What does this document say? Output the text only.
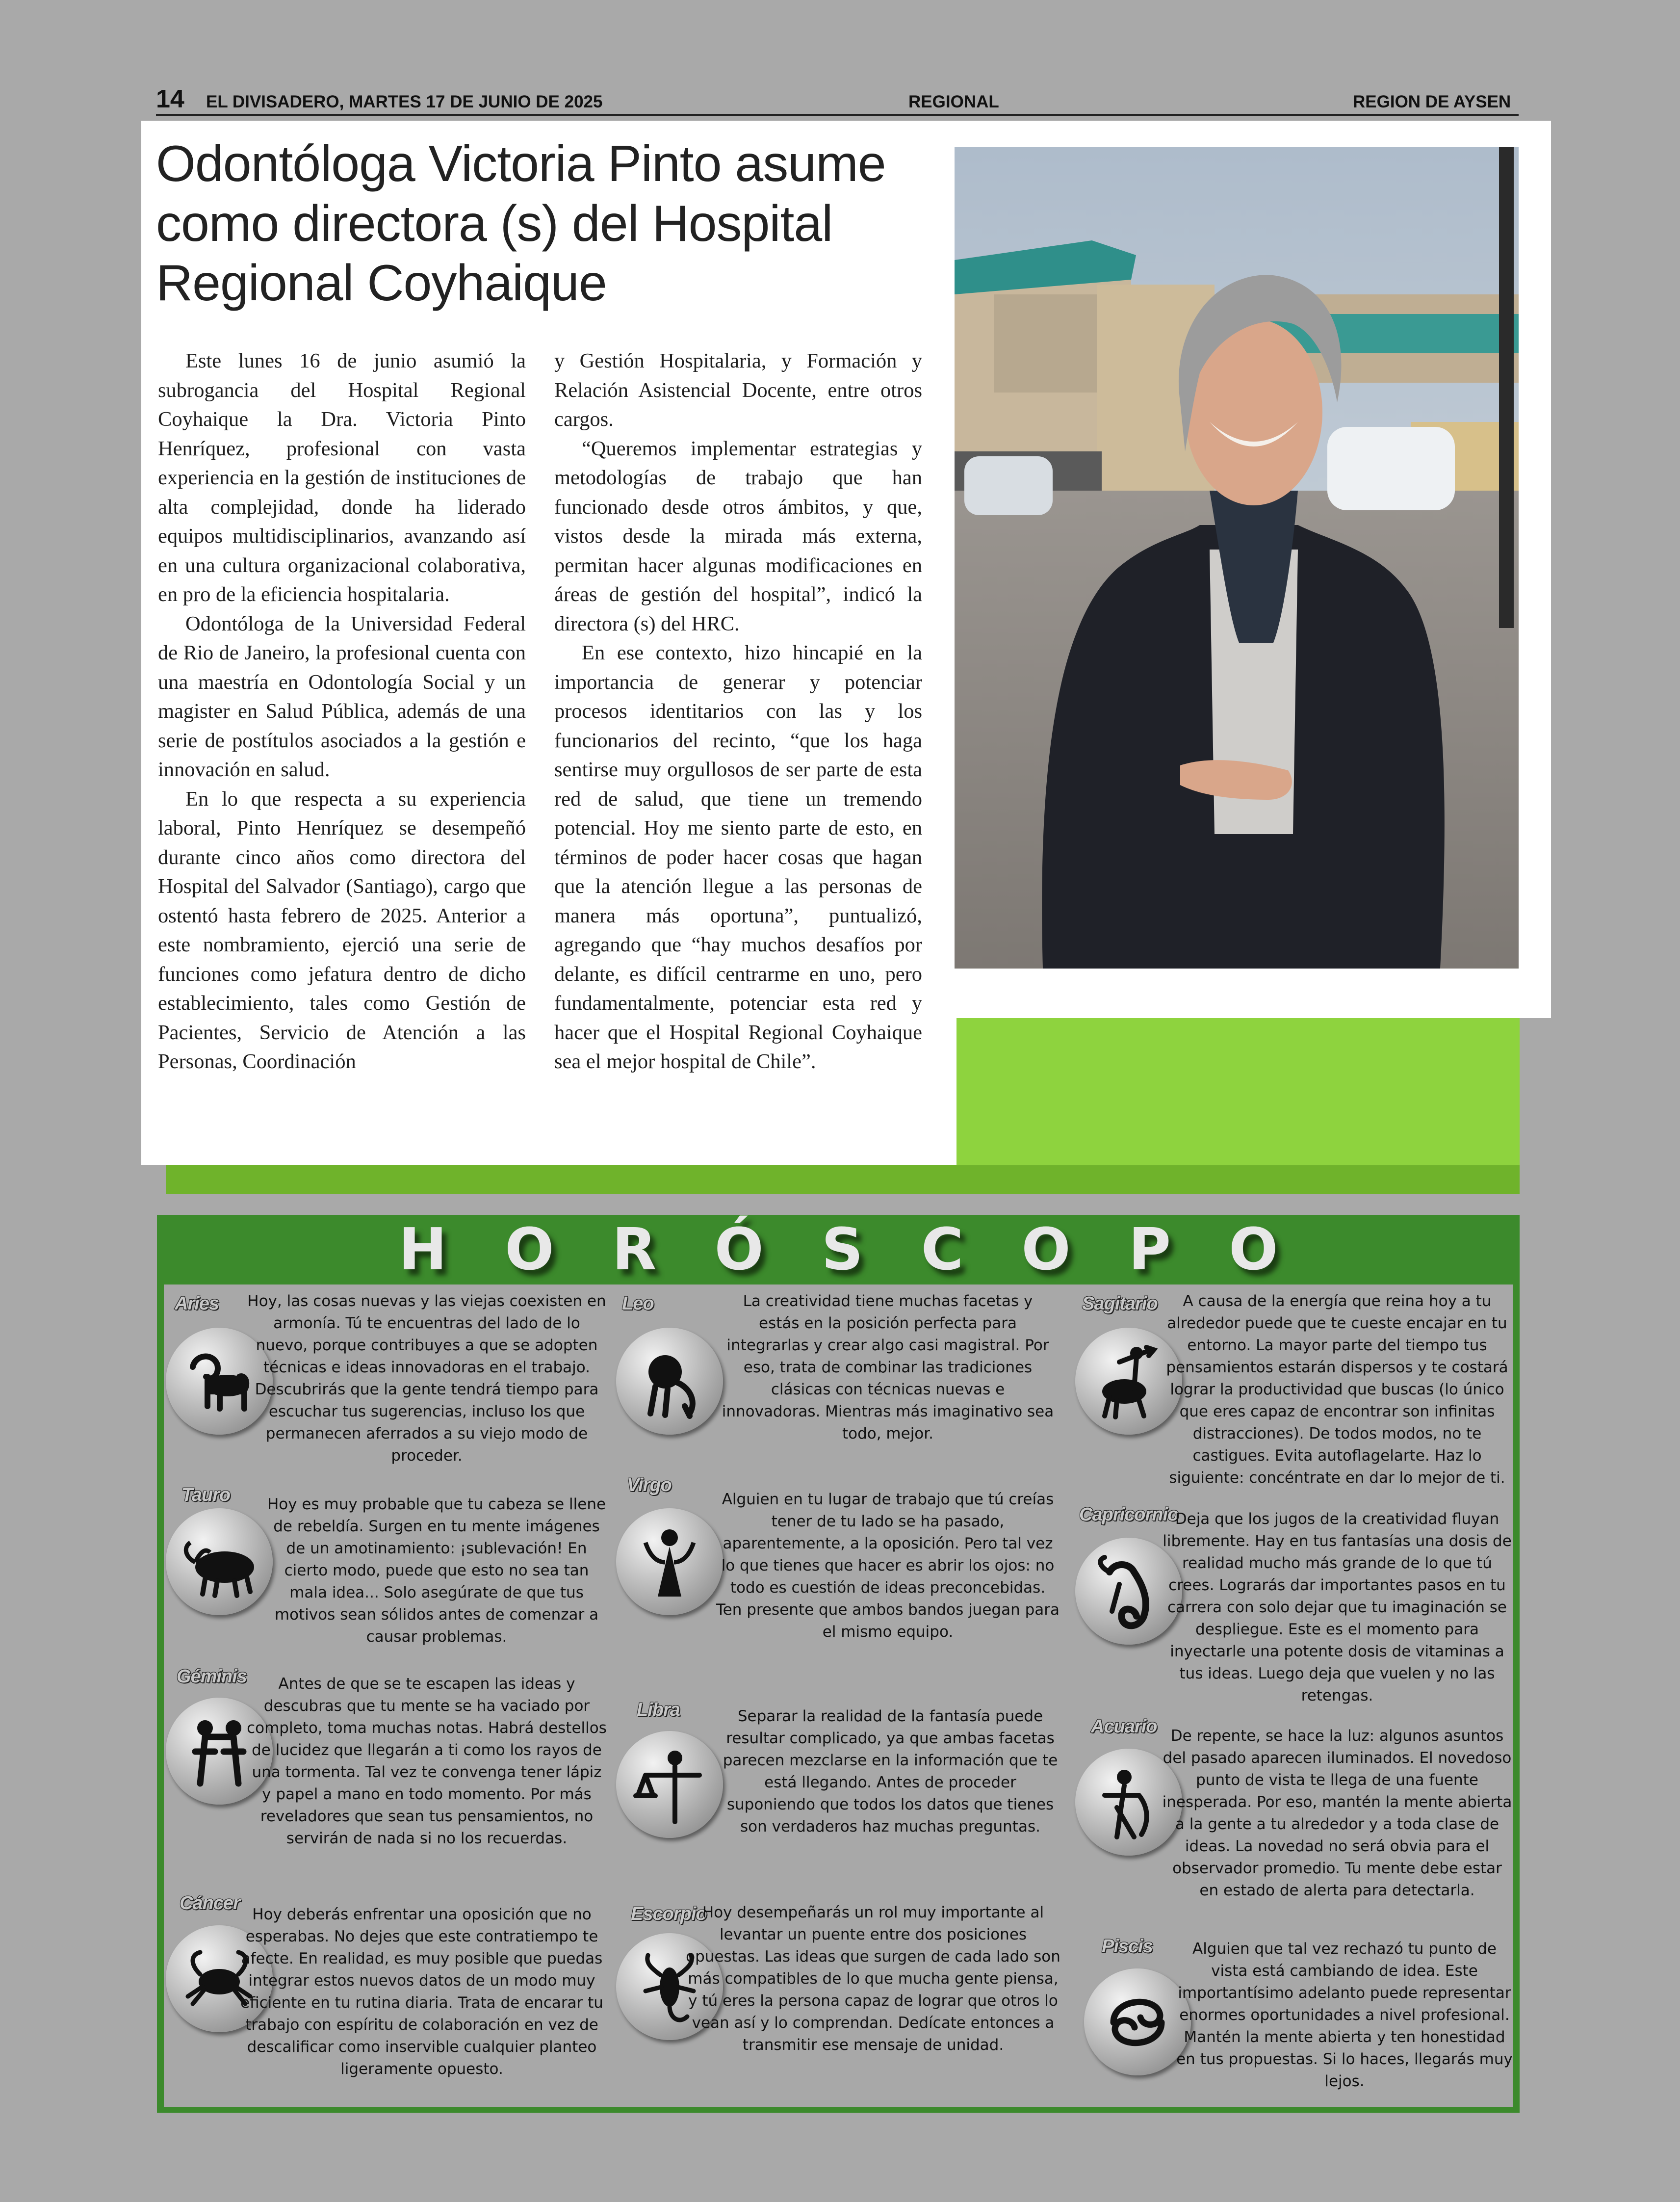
14 EL DIVISADERO, MARTES 17 DE JUNIO DE 2025	REGIONAL	REGION DE AYSEN
Odontóloga Victoria Pinto asume como directora (s) del Hospital Regional Coyhaique

Este lunes 16 de junio asumió la subrogancia del Hospital Regional Coyhaique la Dra. Victoria Pinto Henríquez, profesional con vasta experiencia en la gestión de instituciones de alta complejidad, donde ha liderado equipos multidisciplinarios, avanzando así en una cultura organizacional colaborativa, en pro de la eficiencia hospitalaria.

Odontóloga de la Universidad Federal de Rio de Janeiro, la profesional cuenta con una maestría en Odontología Social y un magister en Salud Pública, además de una serie de postítulos asociados a la gestión e innovación en salud.

En lo que respecta a su experiencia laboral, Pinto Henríquez se desempeñó durante cinco años como directora del Hospital del Salvador (Santiago), cargo que ostentó hasta febrero de 2025. Anterior a este nombramiento, ejerció una serie de funciones como jefatura dentro de dicho establecimiento, tales como Gestión de Pacientes, Servicio de Atención a las Personas, Coordinación

y Gestión Hospitalaria, y Formación y Relación Asistencial Docente, entre otros cargos.

“Queremos implementar estrategias y metodologías de trabajo que han funcionado desde otros ámbitos, y que, vistos desde la mirada más externa, permitan hacer algunas modificaciones en áreas de gestión del hospital”, indicó la directora (s) del HRC.

En ese contexto, hizo hincapié en la importancia de generar y potenciar procesos identitarios con las y los funcionarios del recinto, “que los haga sentirse muy orgullosos de ser parte de esta red de salud, que tiene un tremendo potencial. Hoy me siento parte de esto, en términos de poder hacer cosas que hagan que la atención llegue a las personas de manera más oportuna”, puntualizó, agregando que “hay muchos desafíos por delante, es difícil centrarme en uno, pero fundamentalmente, potenciar esta red y hacer que el Hospital Regional Coyhaique sea el mejor hospital de Chile”.

HORÓSCOPO
Aries Hoy, las cosas nuevas y las viejas coexisten en armonía. Tú te encuentras del lado de lo nuevo, porque contribuyes a que se adopten técnicas e ideas innovadoras en el trabajo. Descubrirás que la gente tendrá tiempo para escuchar tus sugerencias, incluso los que permanecen aferrados a su viejo modo de proceder.
Tauro Hoy es muy probable que tu cabeza se llene de rebeldía. Surgen en tu mente imágenes de un amotinamiento: ¡sublevación! En cierto modo, puede que esto no sea tan mala idea... Solo asegúrate de que tus motivos sean sólidos antes de comenzar a causar problemas.
Géminis	Antes de que se te escapen las ideas y descubras que tu mente se ha vaciado por completo, toma muchas notas. Habrá destellos de lucidez que llegarán a ti como los rayos de una tormenta. Tal vez te convenga tener lápiz y papel a mano en todo momento. Por más reveladores que sean tus pensamientos, no servirán de nada si no los recuerdas.
Cáncer
Hoy deberás enfrentar una oposición que no esperabas. No dejes que este contratiempo te afecte. En realidad, es muy posible que puedas integrar estos nuevos datos de un modo muy eficiente en tu rutina diaria. Trata de encarar tu trabajo con espíritu de colaboración en vez de descalificar como inservible cualquier planteo ligeramente opuesto.
Leo	La creatividad tiene muchas facetas y estás en la posición perfecta para integrarlas y crear algo casi magistral. Por eso, trata de combinar las tradiciones clásicas con técnicas nuevas e innovadoras. Mientras más imaginativo sea todo, mejor.
Virgo
Alguien en tu lugar de trabajo que tú creías tener de tu lado se ha pasado, aparentemente, a la oposición. Pero tal vez lo que tienes que hacer es abrir los ojos: no todo es cuestión de ideas preconcebidas. Ten presente que ambos bandos juegan para el mismo equipo.
Libra	Separar la realidad de la fantasía puede resultar complicado, ya que ambas facetas parecen mezclarse en la información que te está llegando. Antes de proceder suponiendo que todos los datos que tienes son verdaderos haz muchas preguntas.
Escorpio
Hoy desempeñarás un rol muy importante al levantar un puente entre dos posiciones opuestas. Las ideas que surgen de cada lado son más compatibles de lo que mucha gente piensa, y tú eres la persona capaz de lograr que otros lo vean así y lo comprendan. Dedícate entonces a transmitir ese mensaje de unidad.
Sagitario	A causa de la energía que reina hoy a tu alrededor puede que te cueste encajar en tu entorno. La mayor parte del tiempo tus pensamientos estarán dispersos y te costará lograr la productividad que buscas (lo único que eres capaz de encontrar son infinitas distracciones). De todos modos, no te castigues. Evita autoflagelarte. Haz lo siguiente: concéntrate en dar lo mejor de ti.
Capricornio
Deja que los jugos de la creatividad fluyan libremente. Hay en tus fantasías una dosis de realidad mucho más grande de lo que tú crees. Lograrás dar importantes pasos en tu carrera con solo dejar que tu imaginación se despliegue. Este es el momento para inyectarle una potente dosis de vitaminas a tus ideas. Luego deja que vuelen y no las retengas.
Acuario De repente, se hace la luz: algunos asuntos del pasado aparecen iluminados. El novedoso punto de vista te llega de una fuente inesperada. Por eso, mantén la mente abierta a la gente a tu alrededor y a toda clase de ideas. La novedad no será obvia para el observador promedio. Tu mente debe estar en estado de alerta para detectarla.
Piscis	Alguien que tal vez rechazó tu punto de vista está cambiando de idea. Este importantísimo adelanto puede representar enormes oportunidades a nivel profesional. Mantén la mente abierta y ten honestidad en tus propuestas. Si lo haces, llegarás muy lejos.
